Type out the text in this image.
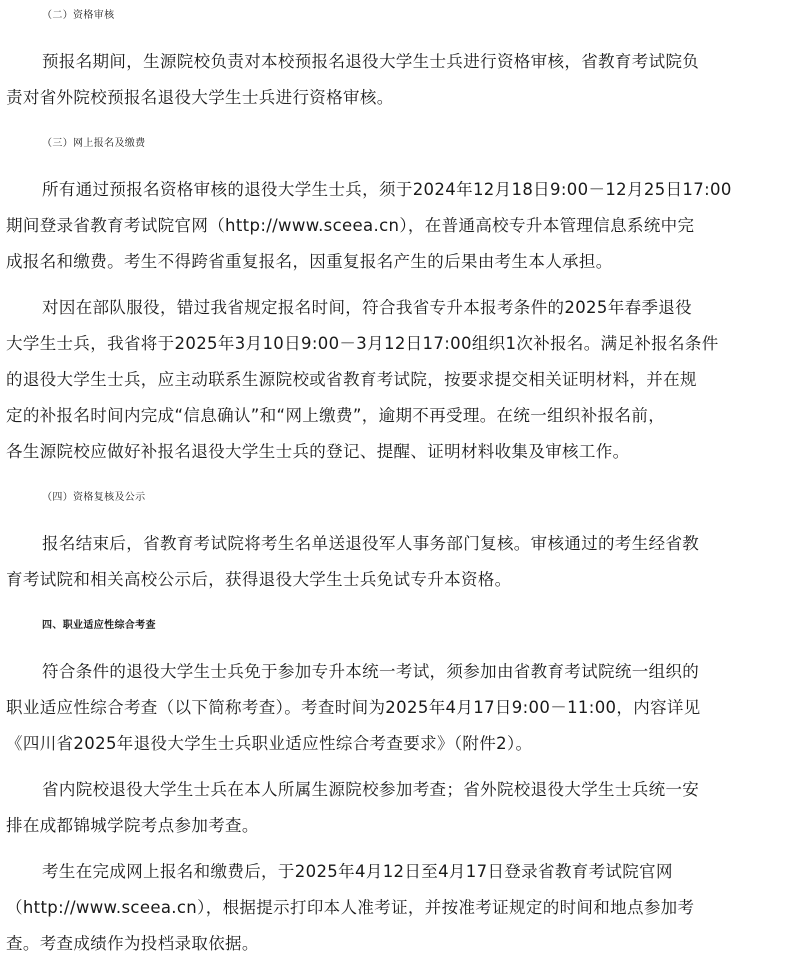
（二）资格审核
预报名期间，生源院校负责对本校预报名退役大学生士兵进行资格审核，省教育考试院负
责对省外院校预报名退役大学生士兵进行资格审核。
（三）网上报名及缴费
所有通过预报名资格审核的退役大学生士兵，须于2024年12月18日9:00－12月25日17:00
期间登录省教育考试院官网（http://www.sceea.cn），在普通高校专升本管理信息系统中完
成报名和缴费。考生不得跨省重复报名，因重复报名产生的后果由考生本人承担。
对因在部队服役，错过我省规定报名时间，符合我省专升本报考条件的2025年春季退役
大学生士兵，我省将于2025年3月10日9:00－3月12日17:00组织1次补报名。满足补报名条件
的退役大学生士兵，应主动联系生源院校或省教育考试院，按要求提交相关证明材料，并在规
定的补报名时间内完成“信息确认”和“网上缴费”，逾期不再受理。在统一组织补报名前，
各生源院校应做好补报名退役大学生士兵的登记、提醒、证明材料收集及审核工作。
（四）资格复核及公示
报名结束后，省教育考试院将考生名单送退役军人事务部门复核。审核通过的考生经省教
育考试院和相关高校公示后，获得退役大学生士兵免试专升本资格。
四、职业适应性综合考查
符合条件的退役大学生士兵免于参加专升本统一考试，须参加由省教育考试院统一组织的
职业适应性综合考查（以下简称考查）。考查时间为2025年4月17日9:00－11:00，内容详见
《四川省2025年退役大学生士兵职业适应性综合考查要求》（附件2）。
省内院校退役大学生士兵在本人所属生源院校参加考查；省外院校退役大学生士兵统一安
排在成都锦城学院考点参加考查。
考生在完成网上报名和缴费后，于2025年4月12日至4月17日登录省教育考试院官网
（http://www.sceea.cn），根据提示打印本人准考证，并按准考证规定的时间和地点参加考
查。考查成绩作为投档录取依据。
